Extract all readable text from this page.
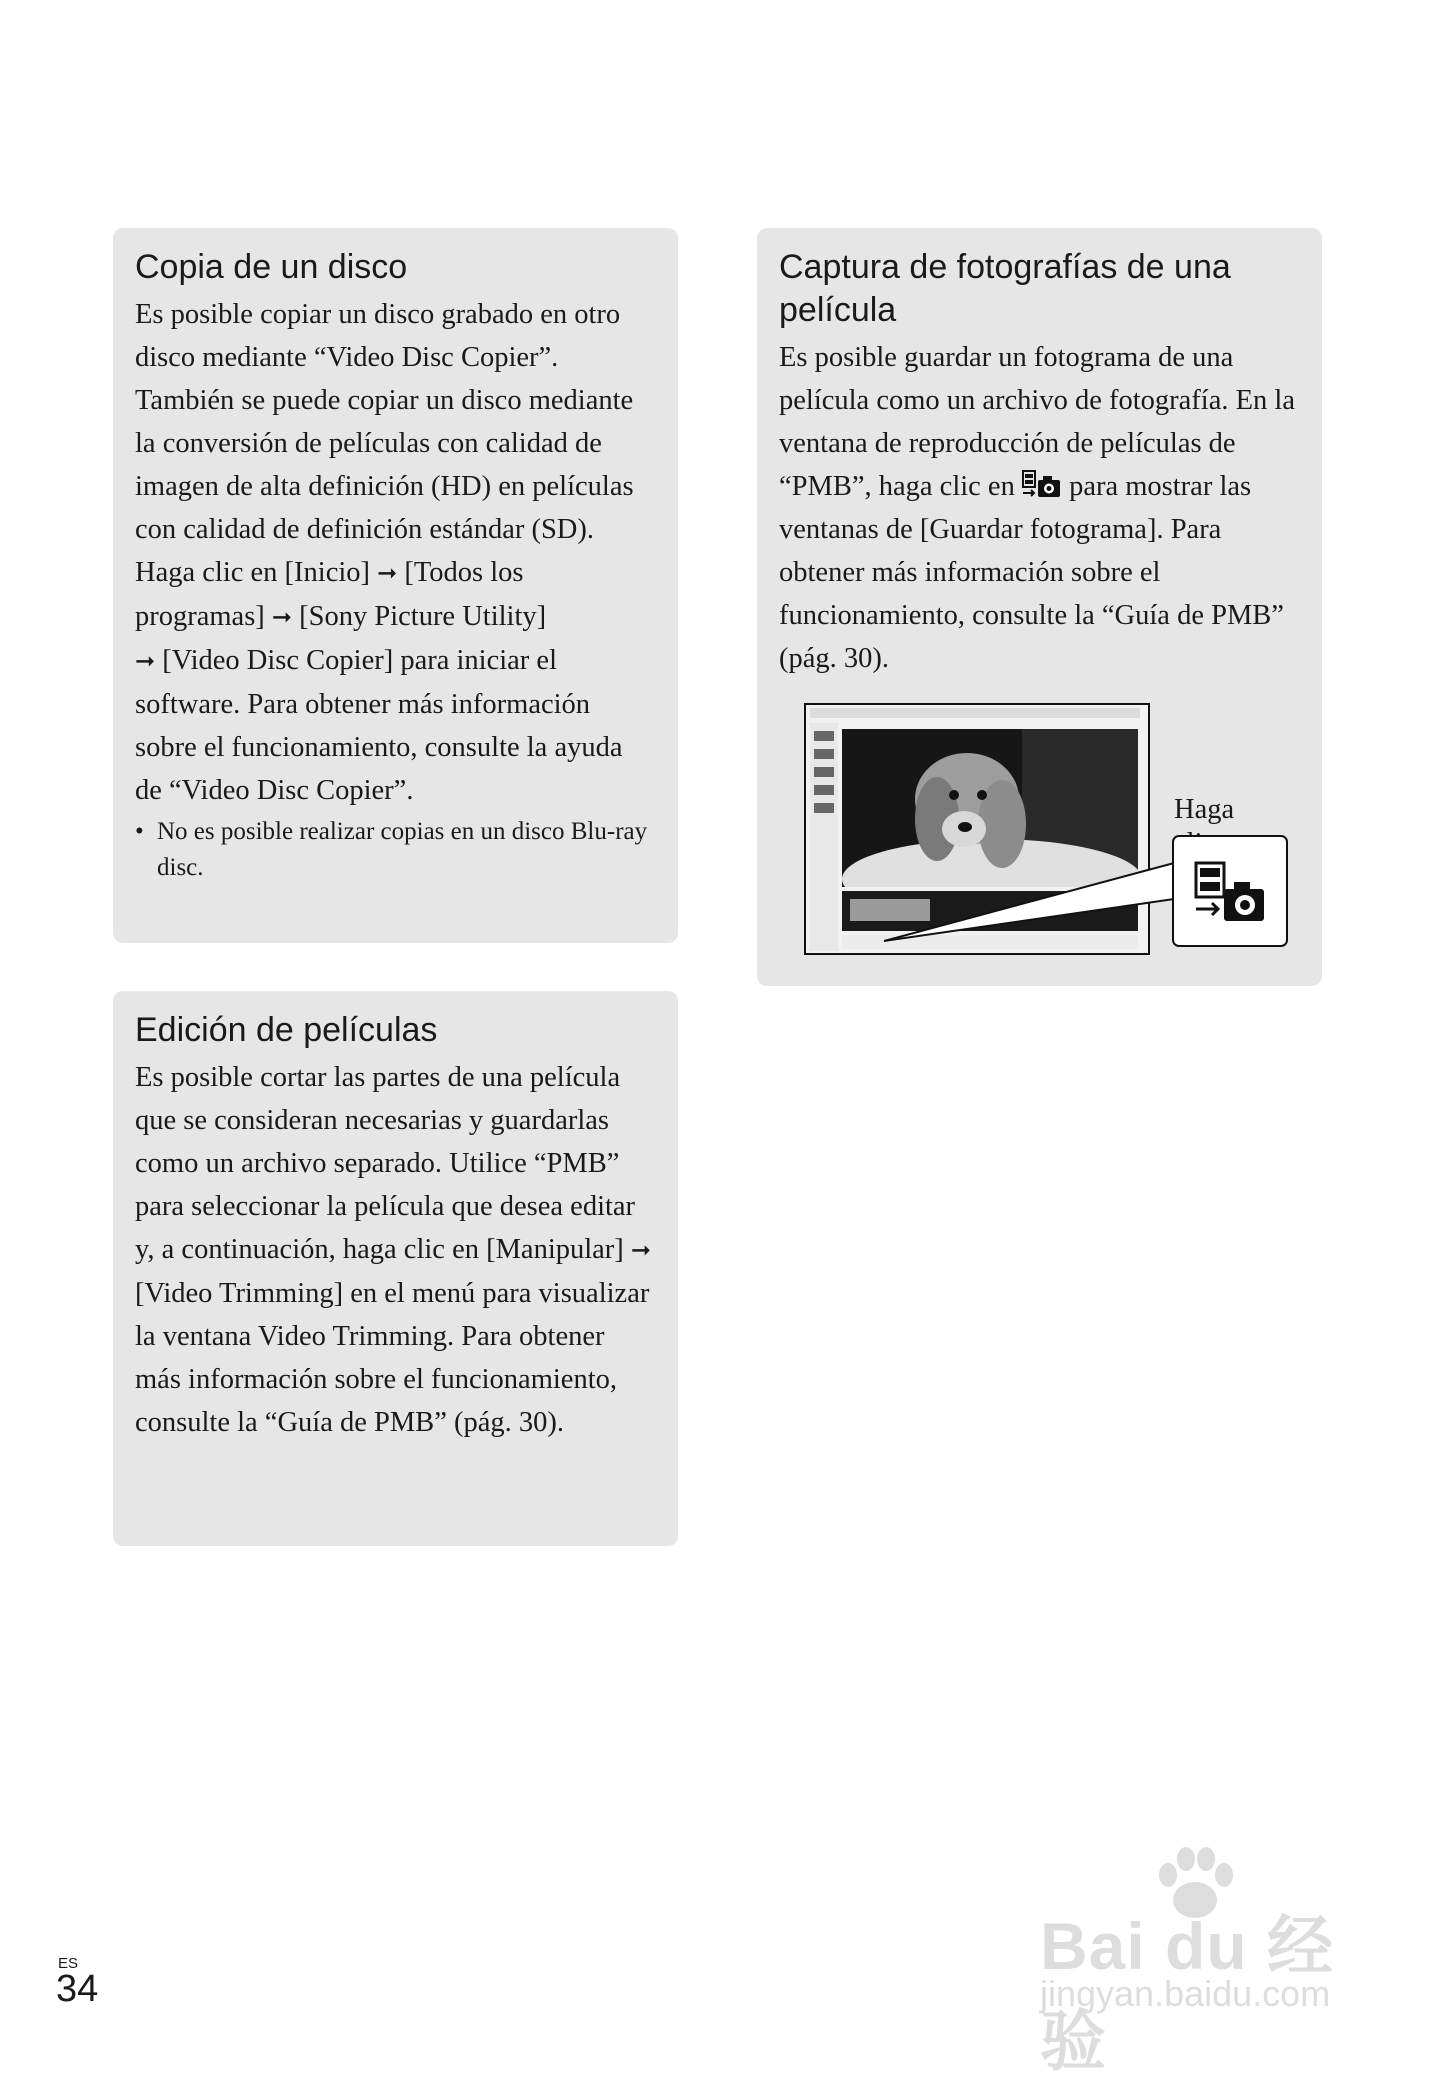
Copia de un disco

Es posible copiar un disco grabado en otro disco mediante “Video Disc Copier”. También se puede copiar un disco mediante la conversión de películas con calidad de imagen de alta definición (HD) en películas con calidad de definición estándar (SD).
Haga clic en [Inicio] ➞ [Todos los programas] ➞ [Sony Picture Utility]
➞ [Video Disc Copier] para iniciar el software. Para obtener más información sobre el funcionamiento, consulte la ayuda de “Video Disc Copier”.

• No es posible realizar copias en un disco Blu-ray disc.
Edición de películas

Es posible cortar las partes de una película que se consideran necesarias y guardarlas como un archivo separado. Utilice “PMB” para seleccionar la película que desea editar y, a continuación, haga clic en [Manipular] ➞ [Video Trimming] en el menú para visualizar la ventana Video Trimming. Para obtener más información sobre el funcionamiento, consulte la “Guía de PMB” (pág. 30).

Captura de fotografías de una película

Es posible guardar un fotograma de una película como un archivo de fotografía. En la ventana de reproducción de películas de “PMB”, haga clic en para mostrar las ventanas de [Guardar fotograma]. Para obtener más información sobre el funcionamiento, consulte la “Guía de PMB” (pág. 30).

Haga
ES
34
Bai du 经验
jingyan.baidu.com
